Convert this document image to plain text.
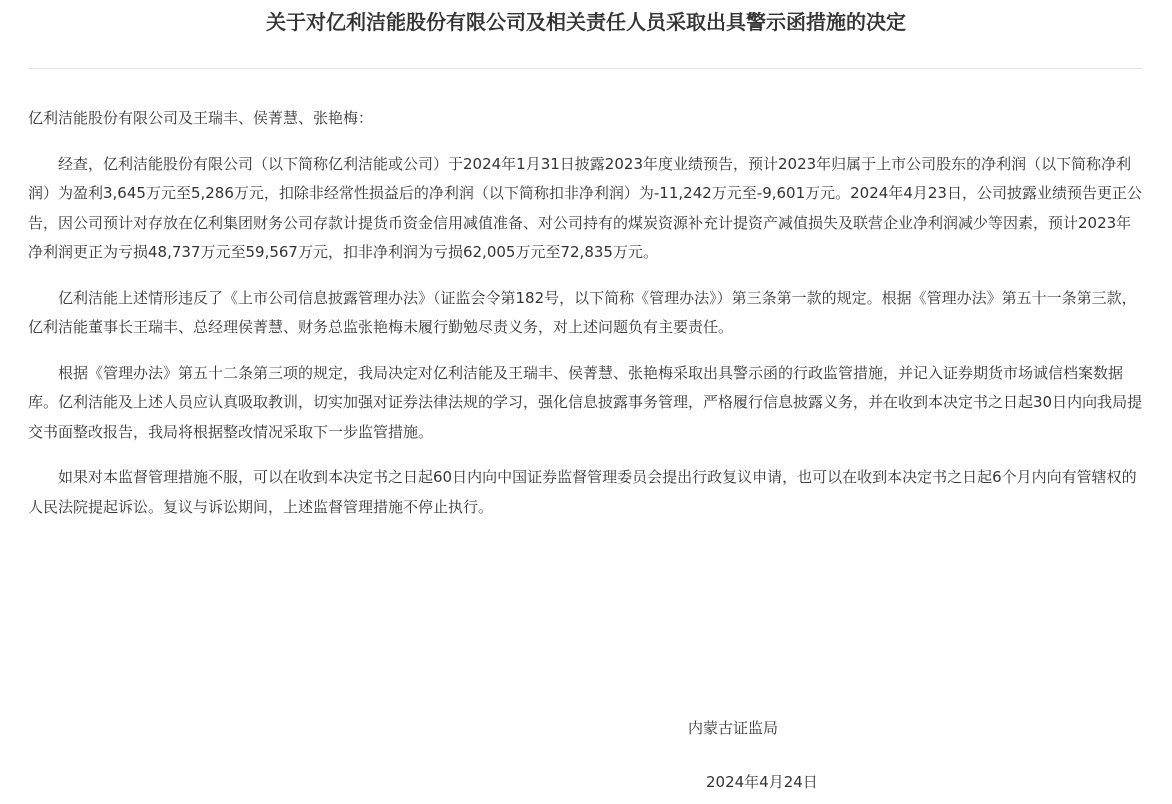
关于对亿利洁能股份有限公司及相关责任人员采取出具警示函措施的决定

亿利洁能股份有限公司及王瑞丰、侯菁慧、张艳梅：

经查，亿利洁能股份有限公司（以下简称亿利洁能或公司）于2024年1月31日披露2023年度业绩预告，预计2023年归属于上市公司股东的净利润（以下简称净利润）为盈利3,645万元至5,286万元，扣除非经常性损益后的净利润（以下简称扣非净利润）为-11,242万元至-9,601万元。2024年4月23日，公司披露业绩预告更正公告，因公司预计对存放在亿利集团财务公司存款计提货币资金信用减值准备、对公司持有的煤炭资源补充计提资产减值损失及联营企业净利润减少等因素，预计2023年净利润更正为亏损48,737万元至59,567万元，扣非净利润为亏损62,005万元至72,835万元。

亿利洁能上述情形违反了《上市公司信息披露管理办法》（证监会令第182号，以下简称《管理办法》）第三条第一款的规定。根据《管理办法》第五十一条第三款，亿利洁能董事长王瑞丰、总经理侯菁慧、财务总监张艳梅未履行勤勉尽责义务，对上述问题负有主要责任。

根据《管理办法》第五十二条第三项的规定，我局决定对亿利洁能及王瑞丰、侯菁慧、张艳梅采取出具警示函的行政监管措施，并记入证券期货市场诚信档案数据库。亿利洁能及上述人员应认真吸取教训，切实加强对证券法律法规的学习，强化信息披露事务管理，严格履行信息披露义务，并在收到本决定书之日起30日内向我局提交书面整改报告，我局将根据整改情况采取下一步监管措施。

如果对本监督管理措施不服，可以在收到本决定书之日起60日内向中国证券监督管理委员会提出行政复议申请，也可以在收到本决定书之日起6个月内向有管辖权的人民法院提起诉讼。复议与诉讼期间，上述监督管理措施不停止执行。

内蒙古证监局
2024年4月24日
